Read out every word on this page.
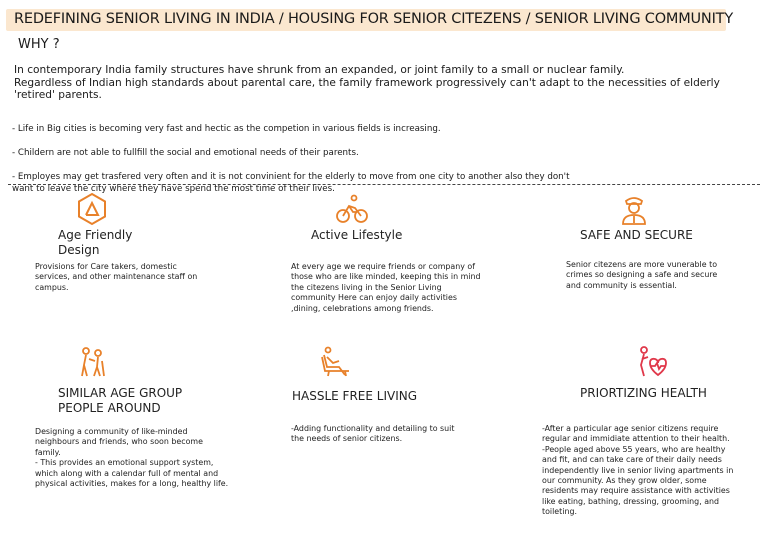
REDEFINING SENIOR LIVING IN INDIA / HOUSING FOR SENIOR CITEZENS / SENIOR LIVING COMMUNITY
WHY ?
In contemporary India family structures have shrunk from an expanded, or joint family to a small or nuclear family.
Regardless of Indian high standards about parental care, the family framework progressively can't adapt to the necessities of elderly 'retired' parents.

- Life in Big cities is becoming very fast and hectic as the competion in various fields is increasing.

- Childern are not able to fullfill the social and emotional needs of their parents.

- Employes may get trasfered very often and it is not convinient for the elderly to move from one city to another also they don't want to leave the city where they have spend the most time of their lives.

Age Friendly Design
Provisions for Care takers, domestic services, and other maintenance staff on campus.
Active Lifestyle
At every age we require friends or company of those who are like minded, keeping this in mind the citezens living in the Senior Living community Here can enjoy daily activities ,dining, celebrations among friends.
SAFE AND SECURE
Senior citezens are more vunerable to crimes so designing a safe and secure and community is essential.
SIMILAR AGE GROUP PEOPLE AROUND
Designing a community of like-minded neighbours and friends, who soon become family.
- This provides an emotional support system, which along with a calendar full of mental and physical activities, makes for a long, healthy life.
HASSLE FREE LIVING
-Adding functionality and detailing to suit the needs of senior citizens.
PRIORTIZING HEALTH
-After a particular age senior citizens require regular and immidiate attention to their health.
-People aged above 55 years, who are healthy and fit, and can take care of their daily needs independently live in senior living apartments in our community. As they grow older, some residents may require assistance with activities like eating, bathing, dressing, grooming, and toileting.
